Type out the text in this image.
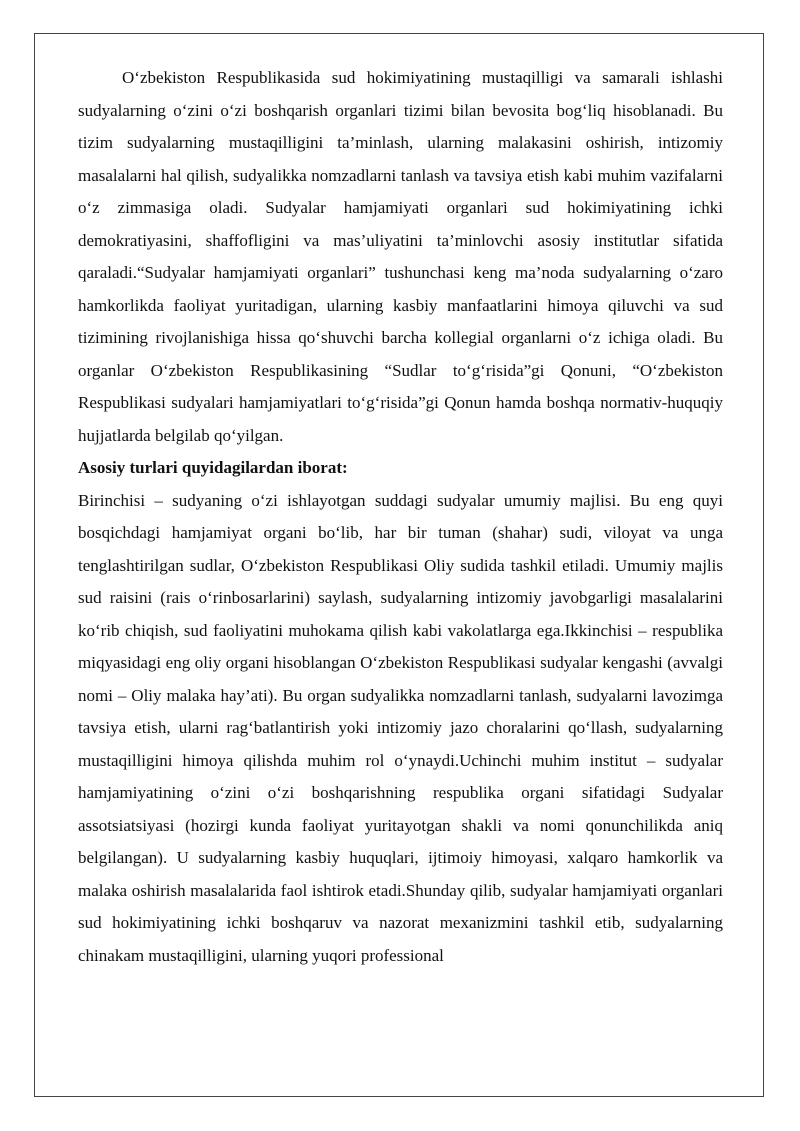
O‘zbekiston Respublikasida sud hokimiyatining mustaqilligi va samarali ishlashi sudyalarning o‘zini o‘zi boshqarish organlari tizimi bilan bevosita bog‘liq hisoblanadi. Bu tizim sudyalarning mustaqilligini ta’minlash, ularning malakasini oshirish, intizomiy masalalarni hal qilish, sudyalikka nomzadlarni tanlash va tavsiya etish kabi muhim vazifalarni o‘z zimmasiga oladi. Sudyalar hamjamiyati organlari sud hokimiyatining ichki demokratiyasini, shaffofligini va mas’uliyatini ta’minlovchi asosiy institutlar sifatida qaraladi.“Sudyalar hamjamiyati organlari” tushunchasi keng ma’noda sudyalarning o‘zaro hamkorlikda faoliyat yuritadigan, ularning kasbiy manfaatlarini himoya qiluvchi va sud tizimining rivojlanishiga hissa qo‘shuvchi barcha kollegial organlarni o‘z ichiga oladi. Bu organlar O‘zbekiston Respublikasining “Sudlar to‘g‘risida”gi Qonuni, “O‘zbekiston Respublikasi sudyalari hamjamiyatlari to‘g‘risida”gi Qonun hamda boshqa normativ-huquqiy hujjatlarda belgilab qo‘yilgan.

Asosiy turlari quyidagilardan iborat:

Birinchisi – sudyaning o‘zi ishlayotgan suddagi sudyalar umumiy majlisi. Bu eng quyi bosqichdagi hamjamiyat organi bo‘lib, har bir tuman (shahar) sudi, viloyat va unga tenglashtirilgan sudlar, O‘zbekiston Respublikasi Oliy sudida tashkil etiladi. Umumiy majlis sud raisini (rais o‘rinbosarlarini) saylash, sudyalarning intizomiy javobgarligi masalalarini ko‘rib chiqish, sud faoliyatini muhokama qilish kabi vakolatlarga ega.Ikkinchisi – respublika miqyasidagi eng oliy organi hisoblangan O‘zbekiston Respublikasi sudyalar kengashi (avvalgi nomi – Oliy malaka hay’ati). Bu organ sudyalikka nomzadlarni tanlash, sudyalarni lavozimga tavsiya etish, ularni rag‘batlantirish yoki intizomiy jazo choralarini qo‘llash, sudyalarning mustaqilligini himoya qilishda muhim rol o‘ynaydi.Uchinchi muhim institut – sudyalar hamjamiyatining o‘zini o‘zi boshqarishning respublika organi sifatidagi Sudyalar assotsiatsiyasi (hozirgi kunda faoliyat yuritayotgan shakli va nomi qonunchilikda aniq belgilangan). U sudyalarning kasbiy huquqlari, ijtimoiy himoyasi, xalqaro hamkorlik va malaka oshirish masalalarida faol ishtirok etadi.Shunday qilib, sudyalar hamjamiyati organlari sud hokimiyatining ichki boshqaruv va nazorat mexanizmini tashkil etib, sudyalarning chinakam mustaqilligini, ularning yuqori professional
